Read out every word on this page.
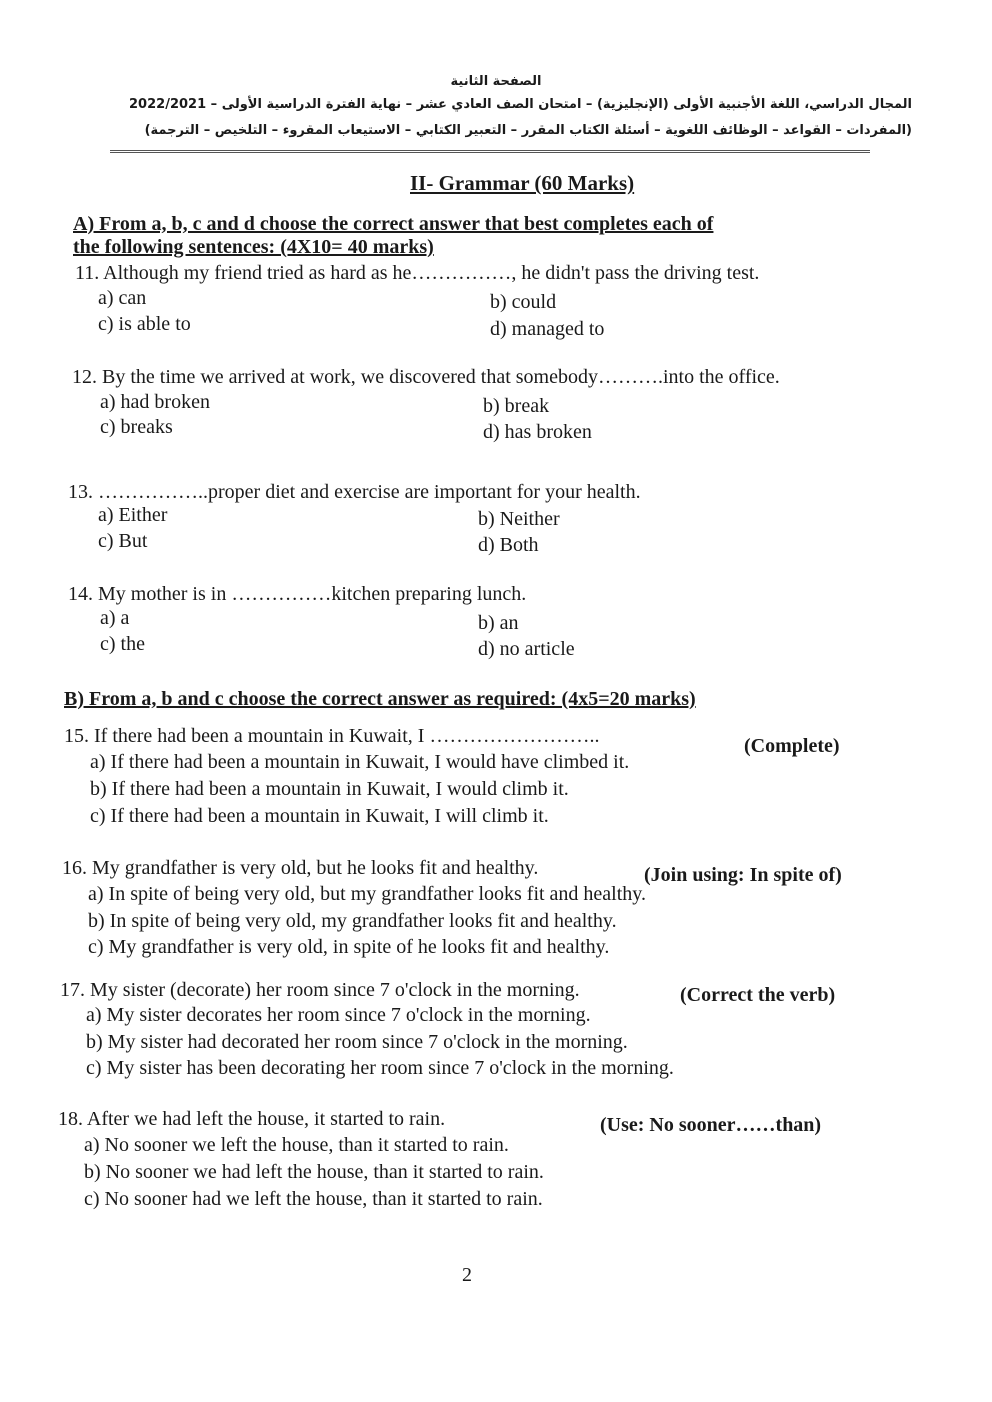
الصفحة الثانية
المجال الدراسي، اللغة الأجنبية الأولى (الإنجليزية) – امتحان الصف العادي عشر – نهاية الفترة الدراسية الأولى – 2022/2021
(المفردات – القواعد – الوظائف اللغوية – أسئلة الكتاب المقرر – التعبير الكتابي – الاستيعاب المقروء – التلخيص – الترجمة)
II- Grammar (60 Marks)
A) From a, b, c and d choose the correct answer that best completes each of
the following sentences: (4X10= 40 marks)
11. Although my friend tried as hard as he……………, he didn't pass the driving test.
a) can	b) could
c) is able to	d) managed to
12. By the time we arrived at work, we discovered that somebody……….into the office.
a) had broken	b) break
c) breaks	d) has broken
13. ……………..proper diet and exercise are important for your health.
a) Either	b) Neither
c) But	d) Both
14. My mother is in ……………kitchen preparing lunch.
a) a	b) an
c) the	d) no article
B) From a, b and c choose the correct answer as required: (4x5=20 marks)
15. If there had been a mountain in Kuwait, I ……………………..	(Complete)
a) If there had been a mountain in Kuwait, I would have climbed it.
b) If there had been a mountain in Kuwait, I would climb it.
c) If there had been a mountain in Kuwait, I will climb it.
16. My grandfather is very old, but he looks fit and healthy.	(Join using: In spite of)
a) In spite of being very old, but my grandfather looks fit and healthy.
b) In spite of being very old, my grandfather looks fit and healthy.
c) My grandfather is very old, in spite of he looks fit and healthy.
17. My sister (decorate) her room since 7 o'clock in the morning.	(Correct the verb)
a) My sister decorates her room since 7 o'clock in the morning.
b) My sister had decorated her room since 7 o'clock in the morning.
c) My sister has been decorating her room since 7 o'clock in the morning.
18. After we had left the house, it started to rain.	(Use: No sooner……than)
a) No sooner we left the house, than it started to rain.
b) No sooner we had left the house, than it started to rain.
c) No sooner had we left the house, than it started to rain.
2
